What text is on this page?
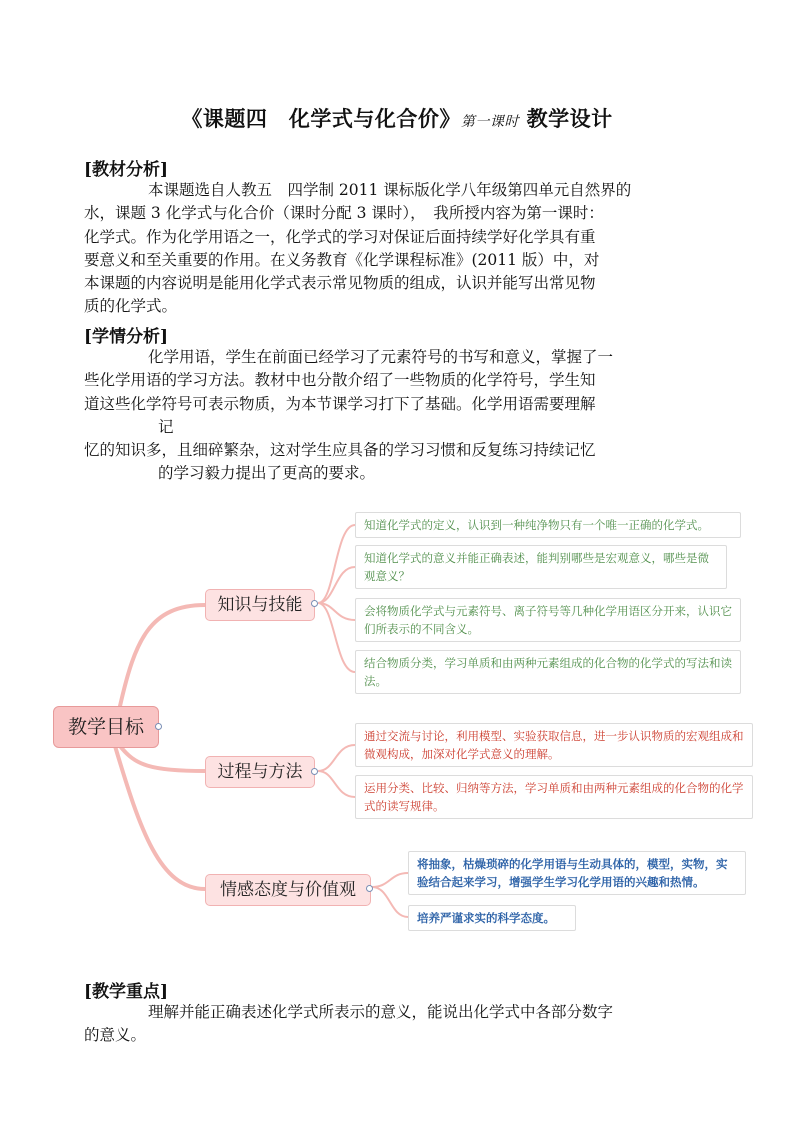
《课题四　化学式与化合价》第一课时 教学设计
[教材分析]

本课题选自人教五　四学制 2011 课标版化学八年级第四单元自然界的

水，课题 3 化学式与化合价（课时分配 3 课时），　我所授内容为第一课时：

化学式。作为化学用语之一，化学式的学习对保证后面持续学好化学具有重

要意义和至关重要的作用。在义务教育《化学课程标准》(2011 版）中，对

本课题的内容说明是能用化学式表示常见物质的组成，认识并能写出常见物

质的化学式。

[学情分析]

化学用语，学生在前面已经学习了元素符号的书写和意义，掌握了一

些化学用语的学习方法。教材中也分散介绍了一些物质的化学符号，学生知

道这些化学符号可表示物质，为本节课学习打下了基础。化学用语需要理解

记

忆的知识多，且细碎繁杂，这对学生应具备的学习习惯和反复练习持续记忆

的学习毅力提出了更高的要求。

教学目标
知识与技能
过程与方法
情感态度与价值观
知道化学式的定义，认识到一种纯净物只有一个唯一正确的化学式。
知道化学式的意义并能正确表述，能判别哪些是宏观意义，哪些是微观意义？
会将物质化学式与元素符号、离子符号等几种化学用语区分开来，认识它们所表示的不同含义。
结合物质分类，学习单质和由两种元素组成的化合物的化学式的写法和读法。
通过交流与讨论，利用模型、实验获取信息，进一步认识物质的宏观组成和微观构成，加深对化学式意义的理解。
运用分类、比较、归纳等方法，学习单质和由两种元素组成的化合物的化学式的读写规律。
将抽象，枯燥琐碎的化学用语与生动具体的，模型，实物，实验结合起来学习，增强学生学习化学用语的兴趣和热情。
培养严谨求实的科学态度。
[教学重点]

理解并能正确表述化学式所表示的意义，能说出化学式中各部分数字

的意义。
